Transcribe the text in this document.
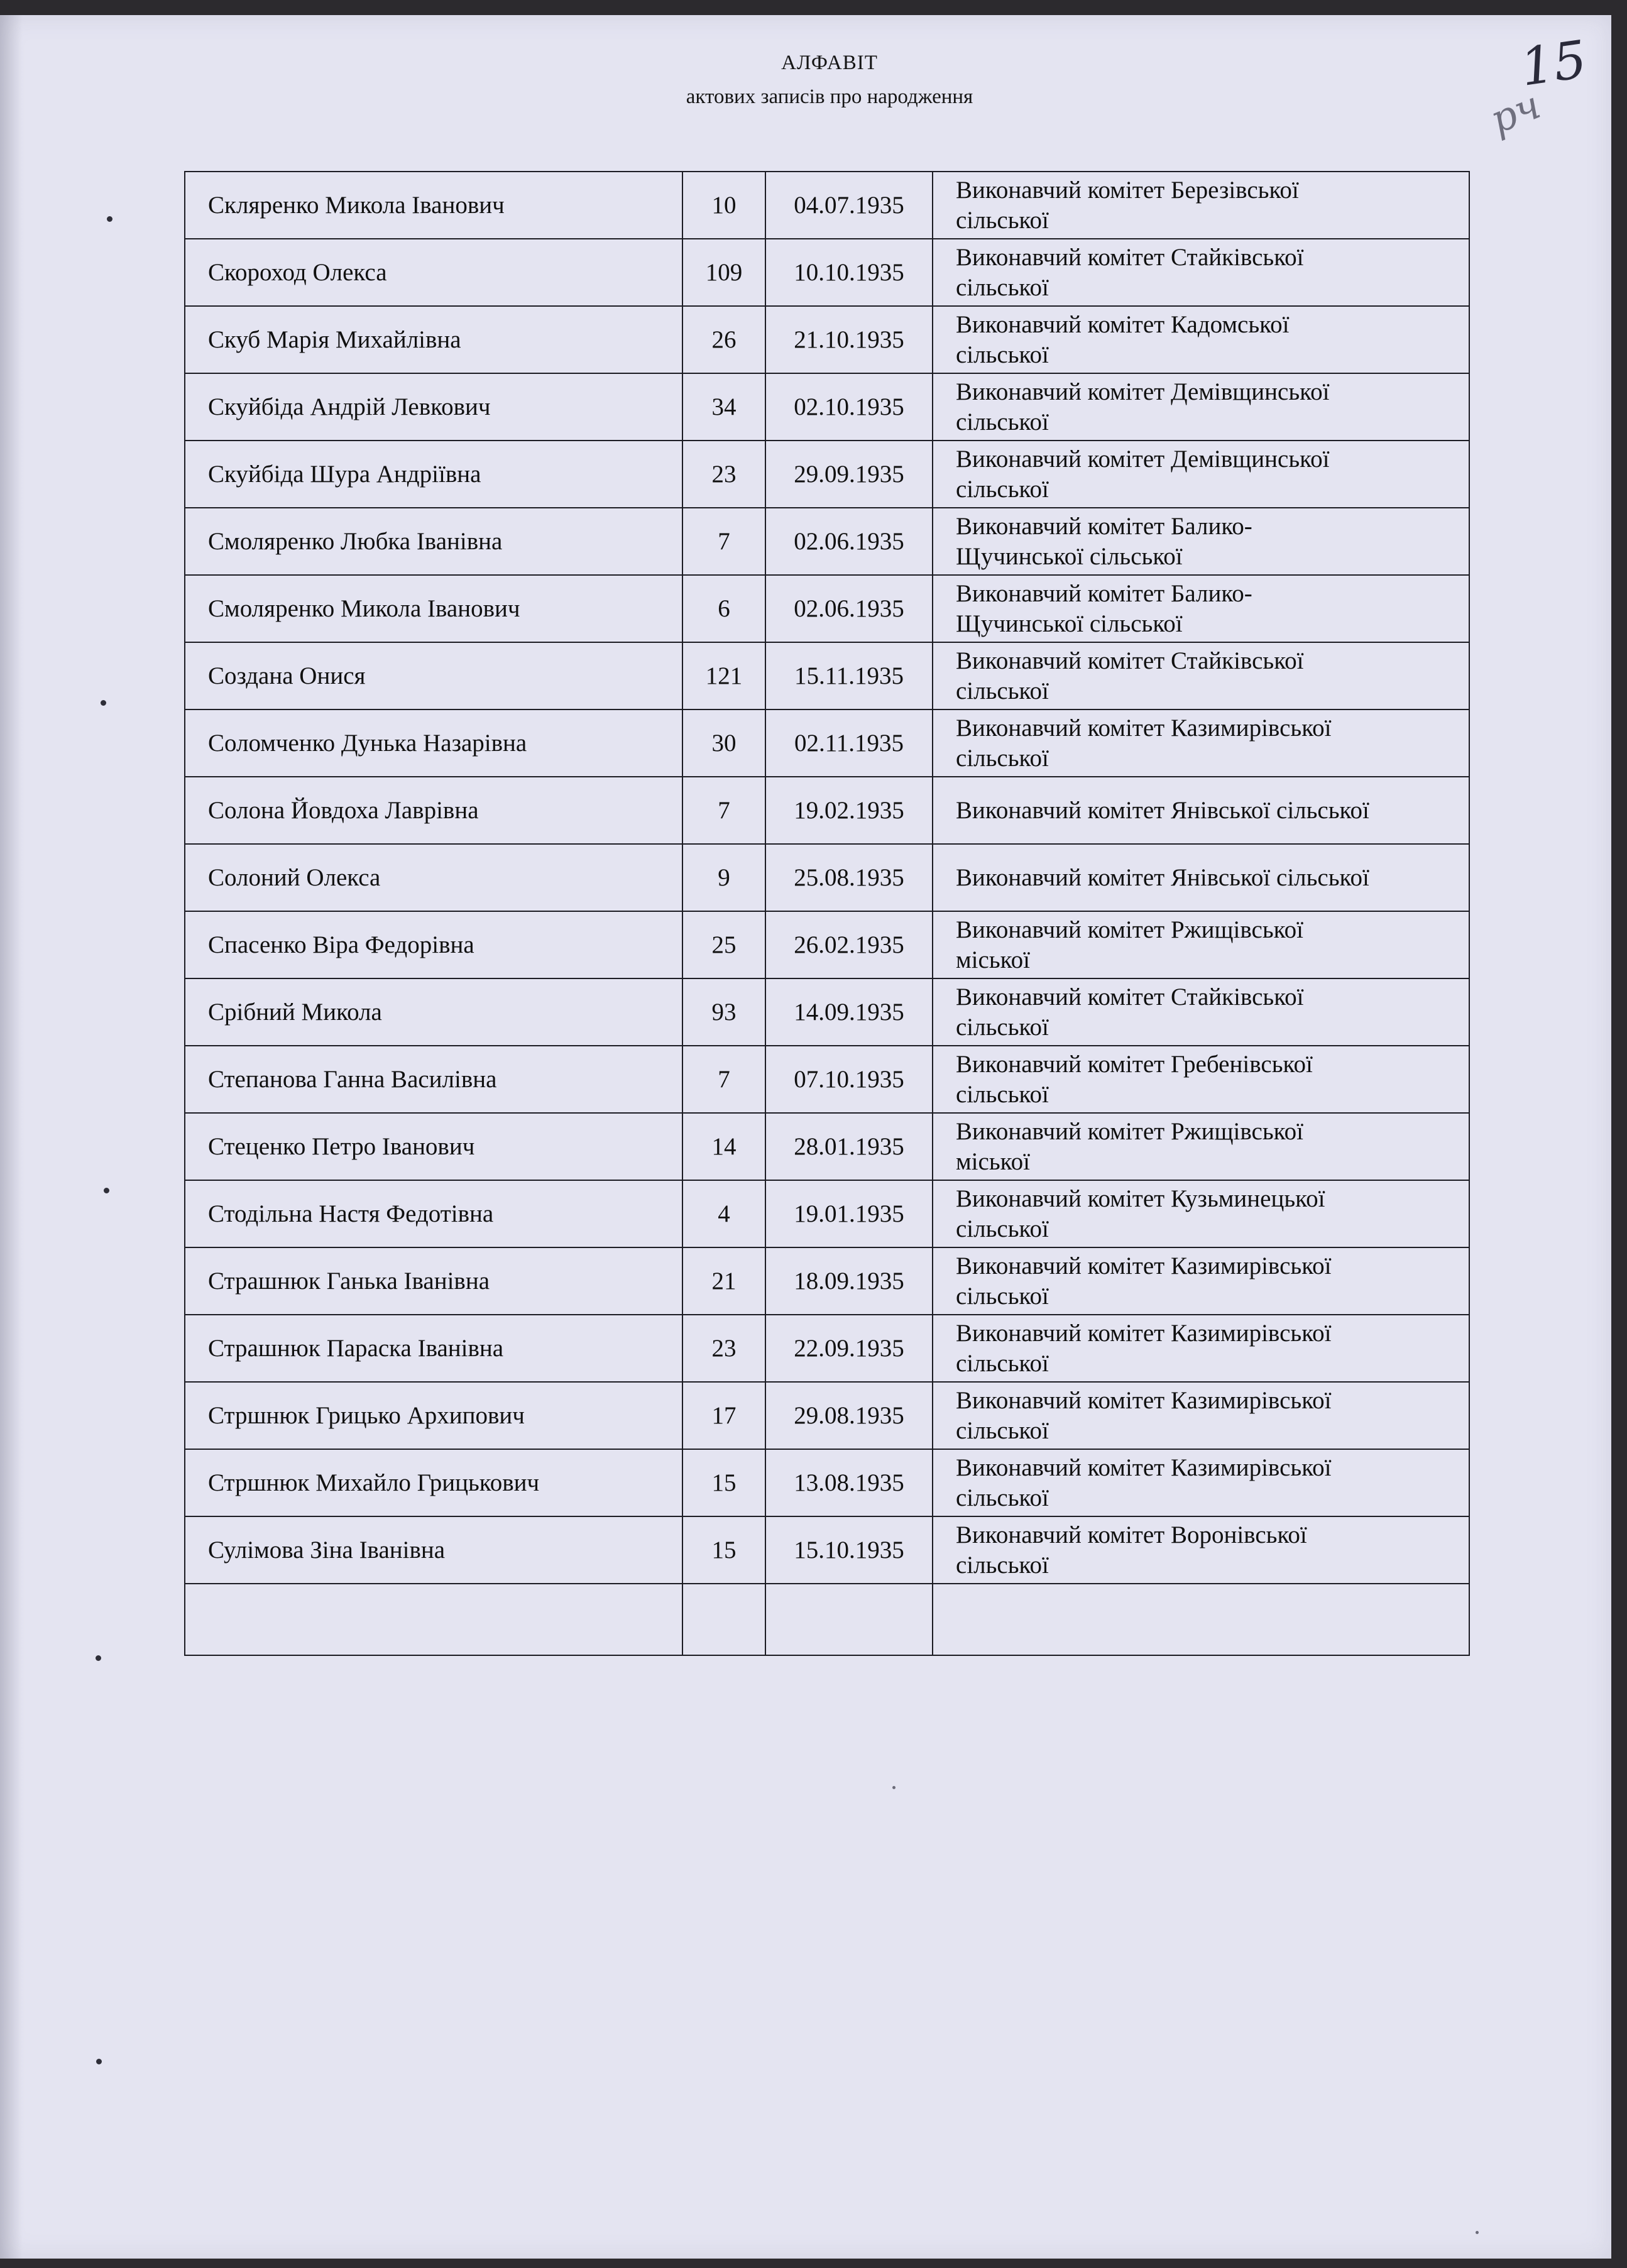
АЛФАВІТ
актових записів про народження	15
рч
Скляренко Микола Іванович	10	04.07.1935	Виконавчий комітет Березівської
сільської

Скороход Олекса	109	10.10.1935	Виконавчий комітет Стайківської
сільської

Скуб Марія Михайлівна	26	21.10.1935	Виконавчий комітет Кадомської
сільської

Скуйбіда Андрій Левкович	34	02.10.1935	Виконавчий комітет Демівщинської
сільської

Скуйбіда Шура Андріївна	23	29.09.1935	Виконавчий комітет Демівщинської
сільської

Смоляренко Любка Іванівна	7	02.06.1935	Виконавчий комітет Балико-
Щучинської сільської

Смоляренко Микола Іванович	6	02.06.1935	Виконавчий комітет Балико-
Щучинської сільської

Создана Онися	121	15.11.1935	Виконавчий комітет Стайківської
сільської

Соломченко Дунька Назарівна	30	02.11.1935	Виконавчий комітет Казимирівської
сільської

Солона Йовдоха Лаврівна	7	19.02.1935	Виконавчий комітет Янівської сільської

Солоний Олекса	9	25.08.1935	Виконавчий комітет Янівської сільської

Спасенко Віра Федорівна	25	26.02.1935	Виконавчий комітет Ржищівської
міської

Срібний Микола	93	14.09.1935	Виконавчий комітет Стайківської
сільської

Степанова Ганна Василівна	7	07.10.1935	Виконавчий комітет Гребенівської
сільської

Стеценко Петро Іванович	14	28.01.1935	Виконавчий комітет Ржищівської
міської

Стодільна Настя Федотівна	4	19.01.1935	Виконавчий комітет Кузьминецької
сільської

Страшнюк Ганька Іванівна	21	18.09.1935	Виконавчий комітет Казимирівської
сільської

Страшнюк Параска Іванівна	23	22.09.1935	Виконавчий комітет Казимирівської
сільської

Стршнюк Грицько Архипович	17	29.08.1935	Виконавчий комітет Казимирівської
сільської

Стршнюк Михайло Грицькович	15	13.08.1935	Виконавчий комітет Казимирівської
сільської

Сулімова Зіна Іванівна	15	15.10.1935	Виконавчий комітет Воронівської
сільської
